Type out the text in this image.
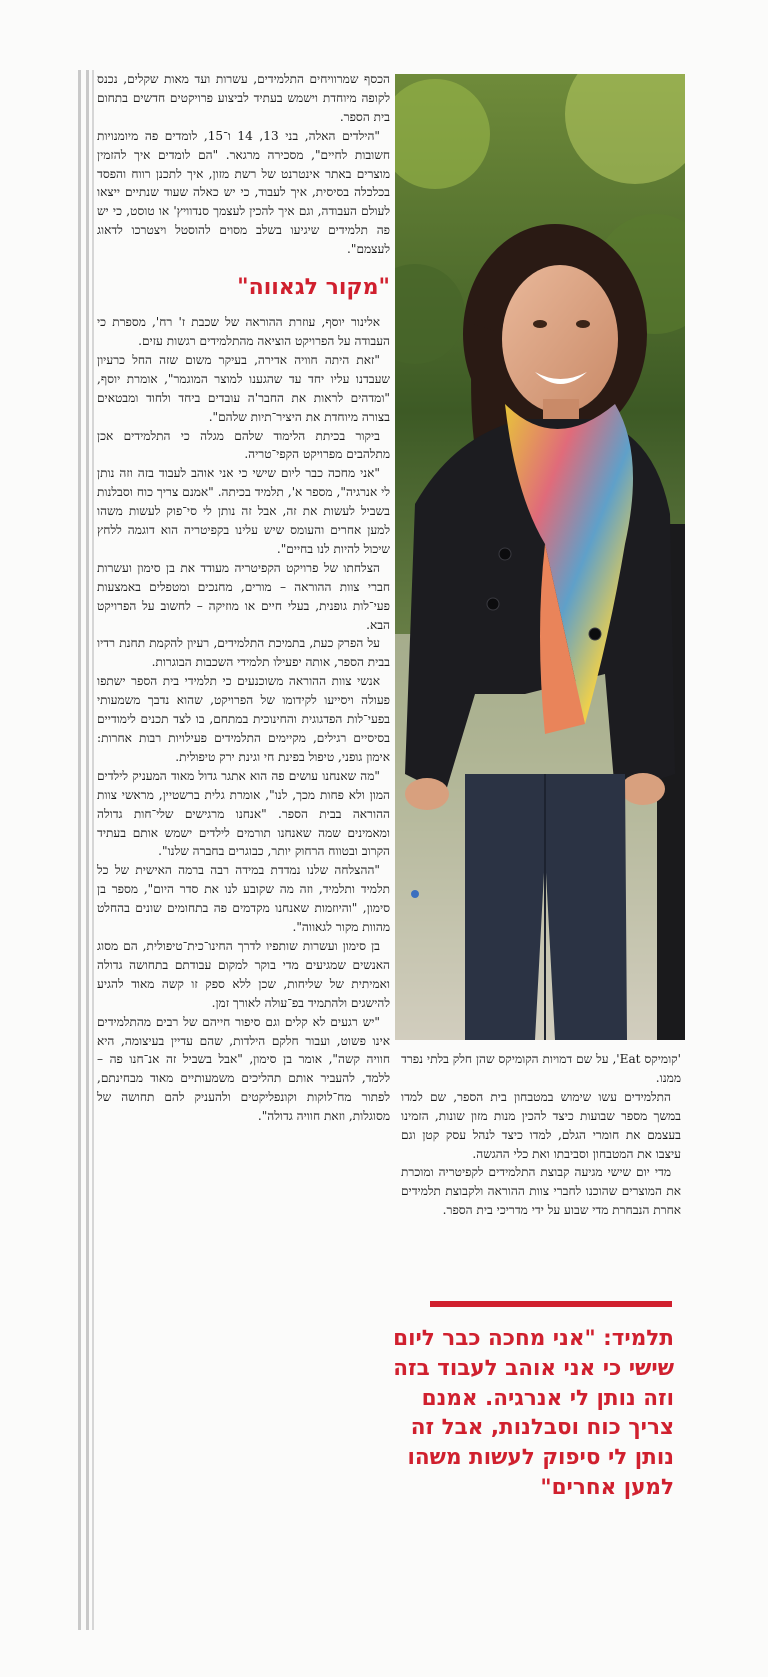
הכסף שמרוויחים התלמידים, עשרות ועד מאות שקלים, נכנס לקופה מיוחדת וישמש בעתיד לביצוע פרויקטים חדשים בתחום בית הספר.

"הילדים האלה, בני 13, 14 ו־15, לומדים פה מיומנויות חשובות לחיים", מסכירה מרגאר. "הם לומדים איך להזמין מוצרים באתר אינטרנט של רשת מזון, איך לתכנן רווח והפסד בכלכלה בסיסית, איך לעבוד, כי יש כאלה שעוד שנתיים ייצאו לעולם העבודה, וגם איך להכין לעצמך סנדוויץ' או טוסט, כי יש פה תלמידים שיגיעו בשלב מסוים להוסטל ויצטרכו לדאוג לעצמם".

"מקור לגאווה"

אלינור יוסף, עוזרת ההוראה של שכבת ז' רח', מספרת כי העבודה על הפרויקט הוציאה מהתלמידים רגשות עזים.

"זאת היתה חוויה אדירה, בעיקר משום שזה החל כרעיון שעבדנו עליו יחד עד שהגענו למוצר המוגמר", אומרת יוסף, "ומדהים לראות את החבר'ה עובדים ביחד ולחוד ומבטאים בצורה מיוחדת את היציר־תיות שלהם".

ביקור בכיתת הלימוד שלהם מגלה כי התלמידים אכן מתלהבים מפרויקט הקפי־טריה.

"אני מחכה כבר ליום שישי כי אני אוהב לעבוד בזה וזה נותן לי אנרגיה", מספר א', תלמיד בכיתה. "אמנם צריך כוח וסבלנות בשביל לעשות את זה, אבל זה נותן לי סי־פוק לעשות משהו למען אחרים והעומס שיש עלינו בקפיטריה הוא דוגמה ללחץ שיכול להיות לנו בחיים".

הצלחתו של פרויקט הקפיטריה מעודד את בן סימון ועשרות חברי צוות ההוראה – מורים, מחנכים ומטפלים באמצעות פעי־לות גופנית, בעלי חיים או מוזיקה – לחשוב על הפרויקט הבא.

על הפרק כעת, בתמיכת התלמידים, רעיון להקמת תחנת רדיו בבית הספר, אותה יפעילו תלמידי השכבות הבוגרות.

אנשי צוות ההוראה משוכנעים כי תלמידי בית הספר ישתפו פעולה ויסייעו לקידומו של הפרויקט, שהוא נדבך משמעותי בפעי־לות הפדגוגית והחינוכית במתחם, בו לצד תכנים לימודיים בסיסיים רגילים, מקיימים התלמידים פעילויות רבות אחרות: אימון גופני, טיפול בפינת חי וגינת ירק טיפולית.

"מה שאנחנו עושים פה הוא אתגר גדול מאוד המעניק לילדים המון ולא פחות מכך, לנו", אומרת גלית ברשטיין, מראשי צוות ההוראה בבית הספר. "אנחנו מרגישים שלי־חות גדולה ומאמינים שמה שאנחנו תורמים לילדים ישמש אותם בעתיד הקרוב ובטווח הרחוק יותר, כבוגרים בחברה שלנו".

"ההצלחה שלנו נמדדת במידה רבה ברמה האישית של כל תלמיד ותלמיד, וזה מה שקובע לנו את סדר היום", מספר בן סימון, "והיוזמות שאנחנו מקדמים פה בתחומים שונים בהחלט מהוות מקור לגאווה".

בן סימון ועשרות שותפיו לדרך החינו־כית־טיפולית, הם מסוג האנשים שמגיעים מדי בוקר למקום עבודתם בתחושה גדולה ואמיתית של שליחות, שכן ללא ספק זו קשה מאוד להגיע להישגים ולהתמיד בפ־עולה לאורך זמן.

"יש רגעים לא קלים וגם סיפור חייהם של רבים מהתלמידים אינו פשוט, ועבור חלקם הילדות, שהם עדיין בעיצומה, היא חוויה קשה", אומר בן סימון, "אבל בשביל זה אנ־חנו פה – ללמד, להעביר אותם תהליכים משמעותיים מאוד מבחינתם, לפתור מח־לוקות וקונפליקטים ולהעניק להם תחושה של מסוגלות, וזאת חוויה גדולה".

'קומיקס Eat', על שם דמויות הקומיקס שהן חלק בלתי נפרד ממנו.

התלמידים עשו שימוש במטבחון בית הספר, שם למדו במשך מספר שבועות כיצד להכין מנות מזון שונות, הזמינו בעצמם את חומרי הגלם, למדו כיצד לנהל עסק קטן וגם עיצבו את המטבחון וסביבתו ואת כלי ההגשה.

מדי יום שישי מגיעה קבוצת התלמידים לקפיטריה ומוכרת את המוצרים שהוכנו לחברי צוות ההוראה ולקבוצת תלמידים אחרת הנבחרת מדי שבוע על ידי מדריכי בית הספר.

תלמיד: "אני מחכה כבר ליום שישי כי אני אוהב לעבוד בזה וזה נותן לי אנרגיה. אמנם צריך כוח וסבלנות, אבל זה נותן לי סיפוק לעשות משהו למען אחרים"
